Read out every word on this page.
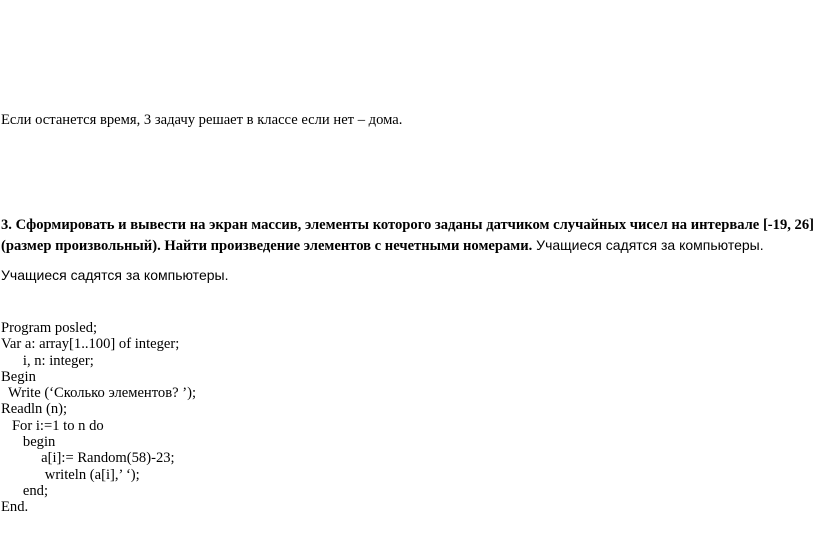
Если останется время, 3 задачу решает в классе если нет – дома.
3. Сформировать и вывести на экран массив, элементы которого заданы датчиком случайных чисел на интервале [-19, 26] (размер произвольный). Найти произведение элементов с нечетными номерами. Учащиеся садятся за компьютеры.
Учащиеся садятся за компьютеры.
Program posled;
Var a: array[1..100] of integer;
i, n: integer;
Begin
Write (‘Сколько элементов? ’);
Readln (n);
For i:=1 to n do
begin
a[i]:= Random(58)-23;
writeln (a[i],’ ‘);
end;
End.
